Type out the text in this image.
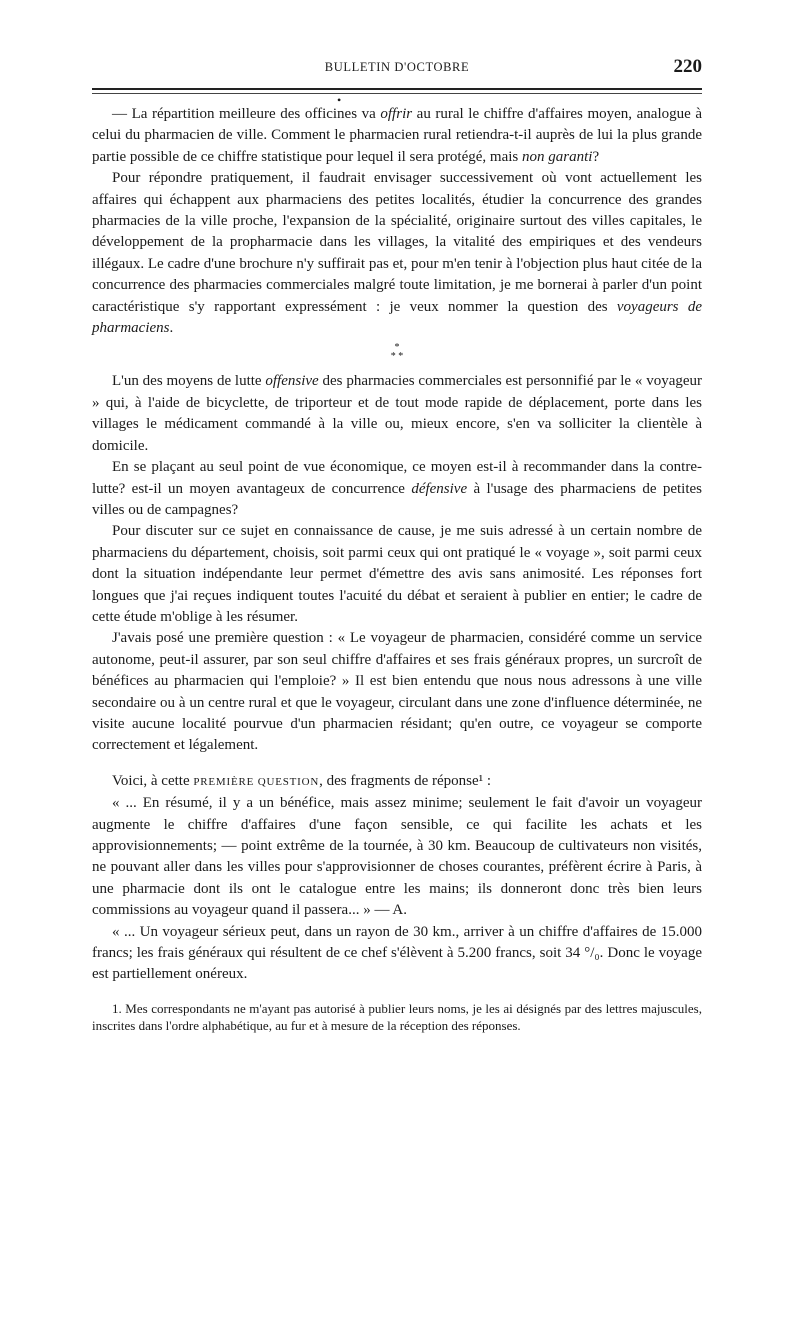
BULLETIN D'OCTOBRE	220
•

— La répartition meilleure des officines va offrir au rural le chiffre d'affaires moyen, analogue à celui du pharmacien de ville. Comment le pharmacien rural retiendra-t-il auprès de lui la plus grande partie possible de ce chiffre statistique pour lequel il sera protégé, mais non garanti?

Pour répondre pratiquement, il faudrait envisager successivement où vont actuellement les affaires qui échappent aux pharmaciens des petites localités, étudier la concurrence des grandes pharmacies de la ville proche, l'expansion de la spécialité, originaire surtout des villes capitales, le développement de la propharmacie dans les villages, la vitalité des empiriques et des vendeurs illégaux. Le cadre d'une brochure n'y suffirait pas et, pour m'en tenir à l'objection plus haut citée de la concurrence des pharmacies commerciales malgré toute limitation, je me bornerai à parler d'un point caractéristique s'y rapportant expressément : je veux nommer la question des voyageurs de pharmaciens.

*
* *

L'un des moyens de lutte offensive des pharmacies commerciales est personnifié par le « voyageur » qui, à l'aide de bicyclette, de triporteur et de tout mode rapide de déplacement, porte dans les villages le médicament commandé à la ville ou, mieux encore, s'en va solliciter la clientèle à domicile.

En se plaçant au seul point de vue économique, ce moyen est-il à recommander dans la contre-lutte? est-il un moyen avantageux de concurrence défensive à l'usage des pharmaciens de petites villes ou de campagnes?

Pour discuter sur ce sujet en connaissance de cause, je me suis adressé à un certain nombre de pharmaciens du département, choisis, soit parmi ceux qui ont pratiqué le « voyage », soit parmi ceux dont la situation indépendante leur permet d'émettre des avis sans animosité. Les réponses fort longues que j'ai reçues indiquent toutes l'acuité du débat et seraient à publier en entier; le cadre de cette étude m'oblige à les résumer.

J'avais posé une première question : « Le voyageur de pharmacien, considéré comme un service autonome, peut-il assurer, par son seul chiffre d'affaires et ses frais généraux propres, un surcroît de bénéfices au pharmacien qui l'emploie? » Il est bien entendu que nous nous adressons à une ville secondaire ou à un centre rural et que le voyageur, circulant dans une zone d'influence déterminée, ne visite aucune localité pourvue d'un pharmacien résidant; qu'en outre, ce voyageur se comporte correctement et légalement.

Voici, à cette PREMIÈRE QUESTION, des fragments de réponse¹ :

« ... En résumé, il y a un bénéfice, mais assez minime; seulement le fait d'avoir un voyageur augmente le chiffre d'affaires d'une façon sensible, ce qui facilite les achats et les approvisionnements; — point extrême de la tournée, à 30 km. Beaucoup de cultivateurs non visités, ne pouvant aller dans les villes pour s'approvisionner de choses courantes, préfèrent écrire à Paris, à une pharmacie dont ils ont le catalogue entre les mains; ils donneront donc très bien leurs commissions au voyageur quand il passera... » — A.

« ... Un voyageur sérieux peut, dans un rayon de 30 km., arriver à un chiffre d'affaires de 15.000 francs; les frais généraux qui résultent de ce chef s'élèvent à 5.200 francs, soit 34 °/₀. Donc le voyage est partiellement onéreux.

1. Mes correspondants ne m'ayant pas autorisé à publier leurs noms, je les ai désignés par des lettres majuscules, inscrites dans l'ordre alphabétique, au fur et à mesure de la réception des réponses.
